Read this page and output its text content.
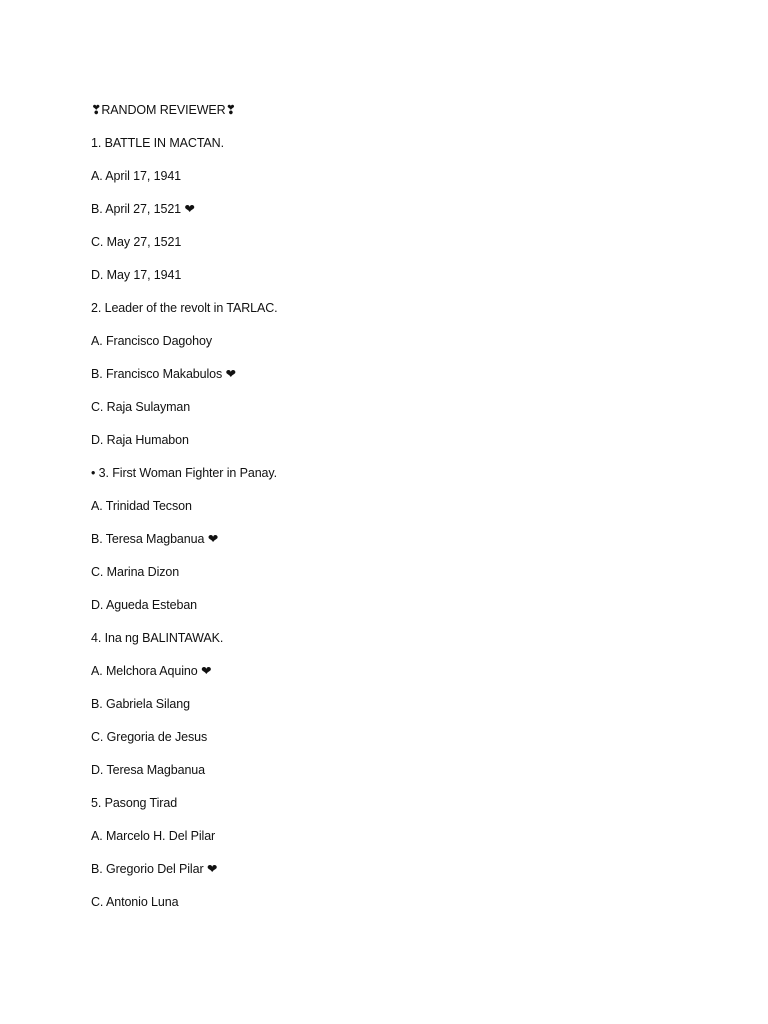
❣RANDOM REVIEWER❣
1. BATTLE IN MACTAN.
A. April 17, 1941
B. April 27, 1521 ❤
C. May 27, 1521
D. May 17, 1941
2. Leader of the revolt in TARLAC.
A. Francisco Dagohoy
B. Francisco Makabulos ❤
C. Raja Sulayman
D. Raja Humabon
• 3. First Woman Fighter in Panay.
A. Trinidad Tecson
B. Teresa Magbanua ❤
C. Marina Dizon
D. Agueda Esteban
4. Ina ng BALINTAWAK.
A. Melchora Aquino ❤
B. Gabriela Silang
C. Gregoria de Jesus
D. Teresa Magbanua
5. Pasong Tirad
A. Marcelo H. Del Pilar
B. Gregorio Del Pilar ❤
C. Antonio Luna
